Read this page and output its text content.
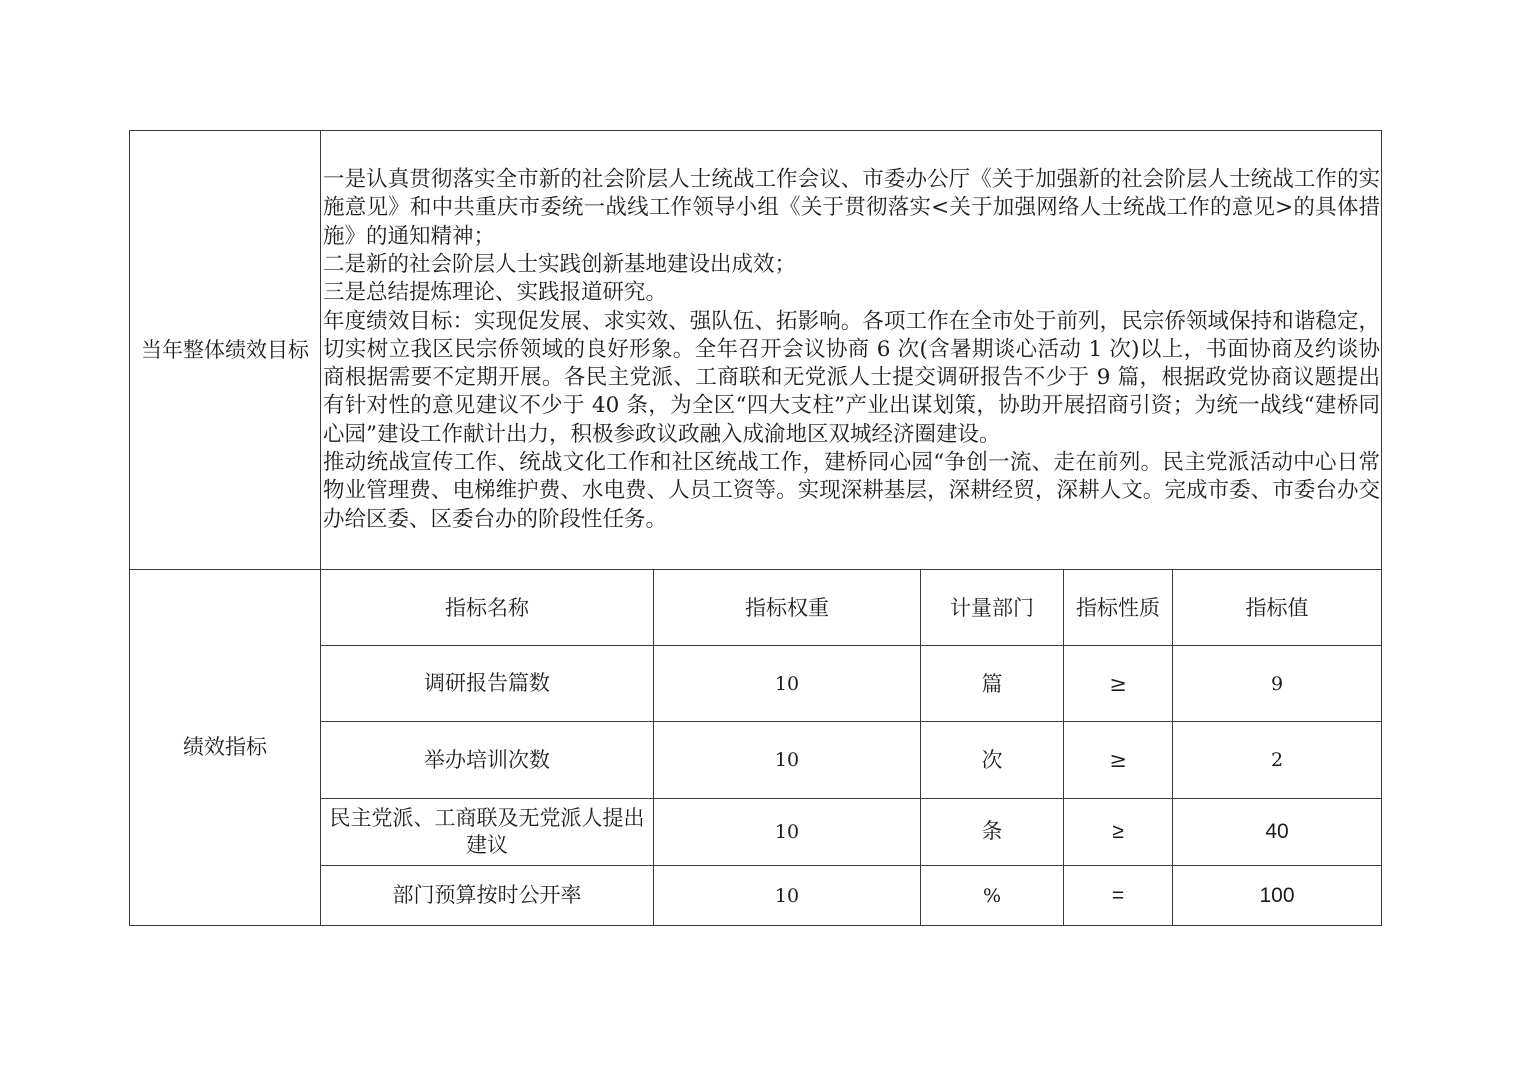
当年整体绩效目标	一是认真贯彻落实全市新的社会阶层人士统战工作会议、市委办公厅《关于加强新的社会阶层人士统战工作的实施意见》和中共重庆市委统一战线工作领导小组《关于贯彻落实<关于加强网络人士统战工作的意见>的具体措施》的通知精神；

二是新的社会阶层人士实践创新基地建设出成效；

三是总结提炼理论、实践报道研究。

年度绩效目标：实现促发展、求实效、强队伍、拓影响。各项工作在全市处于前列，民宗侨领域保持和谐稳定，切实树立我区民宗侨领域的良好形象。全年召开会议协商 6 次(含暑期谈心活动 1 次)以上，书面协商及约谈协商根据需要不定期开展。各民主党派、工商联和无党派人士提交调研报告不少于 9 篇，根据政党协商议题提出有针对性的意见建议不少于 40 条，为全区“四大支柱”产业出谋划策，协助开展招商引资；为统一战线“建桥同心园”建设工作献计出力，积极参政议政融入成渝地区双城经济圈建设。

推动统战宣传工作、统战文化工作和社区统战工作，建桥同心园“争创一流、走在前列。民主党派活动中心日常物业管理费、电梯维护费、水电费、人员工资等。实现深耕基层，深耕经贸，深耕人文。完成市委、市委台办交办给区委、区委台办的阶段性任务。				

绩效指标	指标名称	指标权重	计量部门	指标性质	指标值
	调研报告篇数	10	篇	≥	9
	举办培训次数	10	次	≥	2
	民主党派、工商联及无党派人提出建议	10	条	≥	40
	部门预算按时公开率	10	%	=	100
